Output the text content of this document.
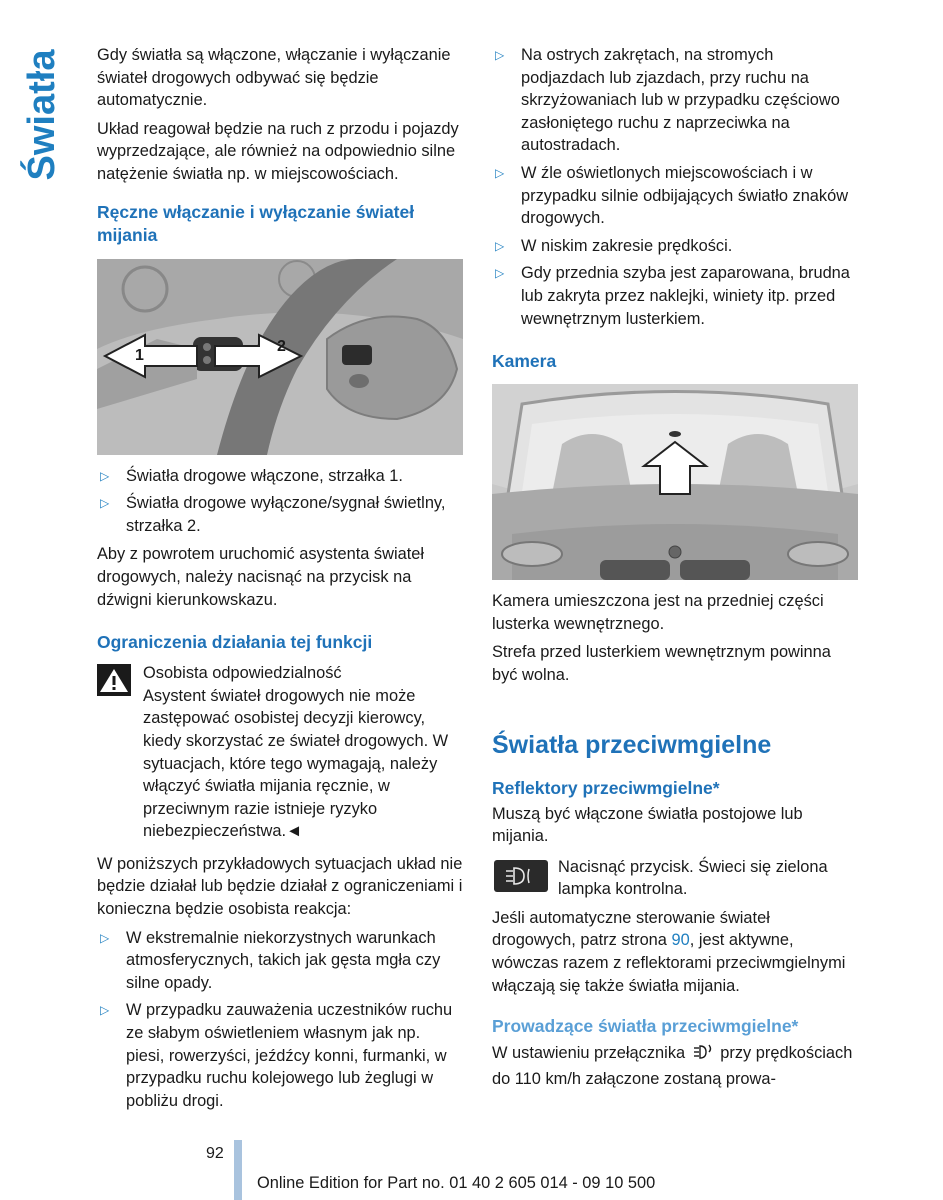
Światła Gdy światła są włączone, włączanie i wyłączanie świateł drogowych odbywać się będzie automatycznie.

Układ reagował będzie na ruch z przodu i pojazdy wyprzedzające, ale również na odpowiednio silne natężenie światła np. w miejscowościach.

Ręczne włączanie i wyłączanie świateł mijania
1
2
▷ Światła drogowe włączone, strzałka 1.
▷ Światła drogowe wyłączone/sygnał świetlny, strzałka 2.

Aby z powrotem uruchomić asystenta świateł drogowych, należy nacisnąć na przycisk na dźwigni kierunkowskazu.

Ograniczenia działania tej funkcji
Osobista odpowiedzialność

Asystent świateł drogowych nie może zastępować osobistej decyzji kierowcy, kiedy skorzystać ze świateł drogowych. W sytuacjach, które tego wymagają, należy włączyć światła mijania ręcznie, w przeciwnym razie istnieje ryzyko niebezpieczeństwa.◄

W poniższych przykładowych sytuacjach układ nie będzie działał lub będzie działał z ograniczeniami i konieczna będzie osobista reakcja:

▷ W ekstremalnie niekorzystnych warunkach atmosferycznych, takich jak gęsta mgła czy silne opady.
▷ W przypadku zauważenia uczestników ruchu ze słabym oświetleniem własnym jak np. piesi, rowerzyści, jeźdźcy konni, furmanki, w przypadku ruchu kolejowego lub żeglugi w pobliżu drogi.
▷ Na ostrych zakrętach, na stromych podjazdach lub zjazdach, przy ruchu na skrzyżowaniach lub w przypadku częściowo zasłoniętego ruchu z naprzeciwka na autostradach.
▷ W źle oświetlonych miejscowościach i w przypadku silnie odbijających światło znaków drogowych.
▷ W niskim zakresie prędkości.
▷ Gdy przednia szyba jest zaparowana, brudna lub zakryta przez naklejki, winiety itp. przed wewnętrznym lusterkiem.
Kamera

Kamera umieszczona jest na przedniej części lusterka wewnętrznego.

Strefa przed lusterkiem wewnętrznym powinna być wolna.

Światła przeciwmgielne
Reflektory przeciwmgielne*

Muszą być włączone światła postojowe lub mijania.

Nacisnąć przycisk. Świeci się zielona lampka kontrolna.

Jeśli automatyczne sterowanie świateł drogowych, patrz strona 90, jest aktywne, wówczas razem z reflektorami przeciwmgielnymi włączają się także światła mijania.

Prowadzące światła przeciwmgielne*

W ustawieniu przełącznika  przy prędkościach do 110 km/h załączone zostaną prowa-

92
Online Edition for Part no. 01 40 2 605 014 - 09 10 500
